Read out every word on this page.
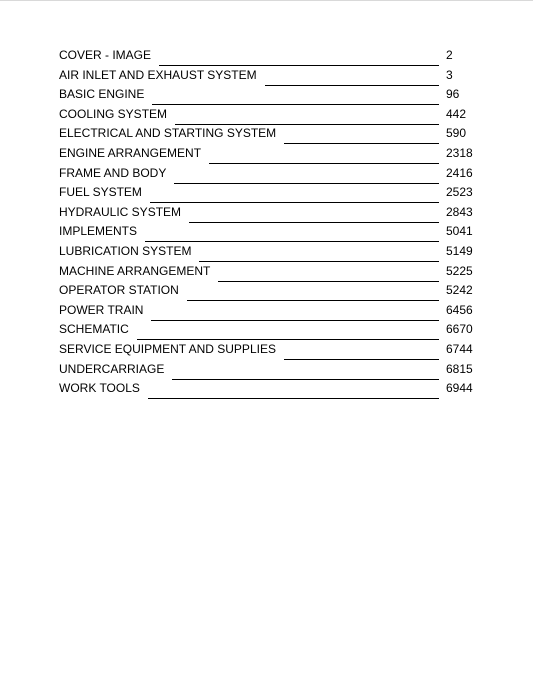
COVER - IMAGE	2
AIR INLET AND EXHAUST SYSTEM	3
BASIC ENGINE	96
COOLING SYSTEM	442
ELECTRICAL AND STARTING SYSTEM	590
ENGINE ARRANGEMENT	2318
FRAME AND BODY	2416
FUEL SYSTEM	2523
HYDRAULIC SYSTEM	2843
IMPLEMENTS	5041
LUBRICATION SYSTEM	5149
MACHINE ARRANGEMENT	5225
OPERATOR STATION	5242
POWER TRAIN	6456
SCHEMATIC	6670
SERVICE EQUIPMENT AND SUPPLIES	6744
UNDERCARRIAGE	6815
WORK TOOLS	6944
